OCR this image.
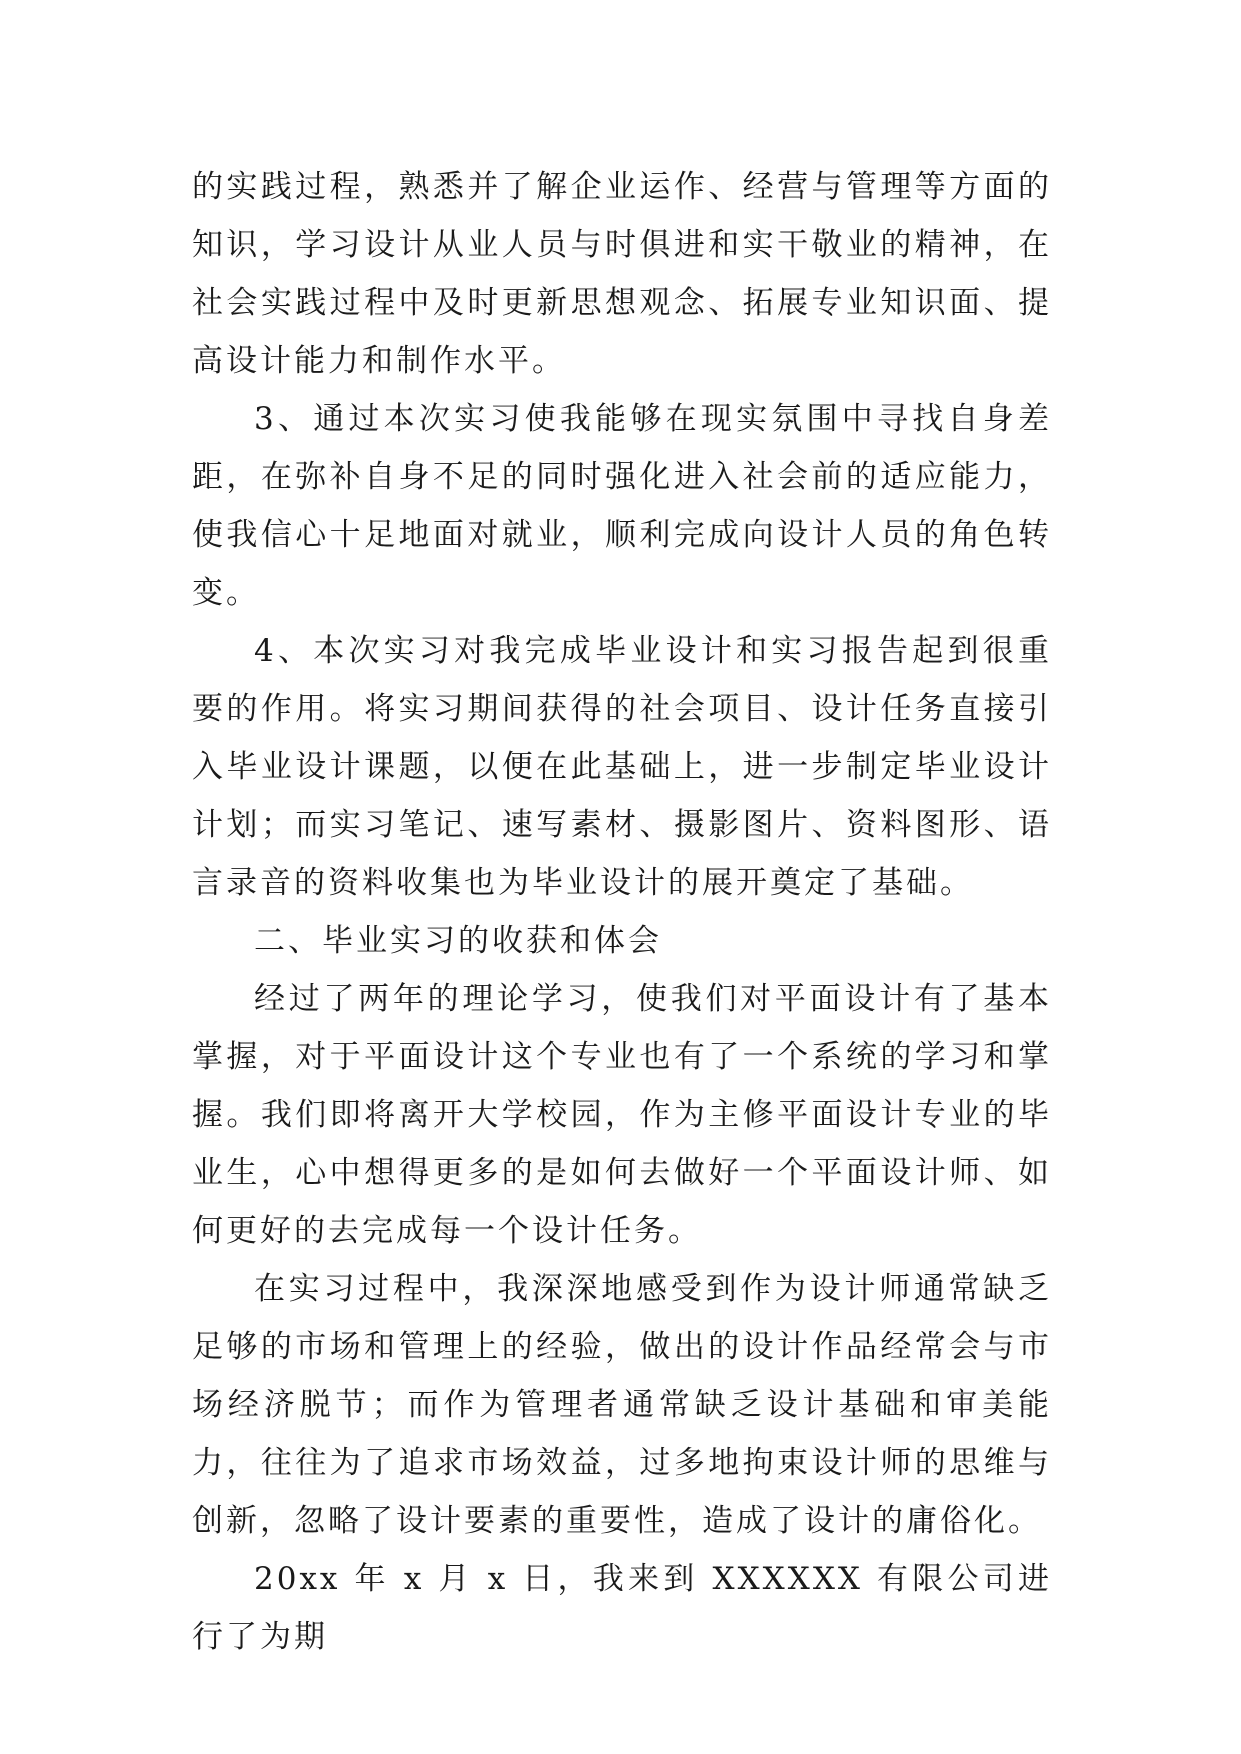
的实践过程，熟悉并了解企业运作、经营与管理等方面的知识，学习设计从业人员与时俱进和实干敬业的精神，在社会实践过程中及时更新思想观念、拓展专业知识面、提高设计能力和制作水平。

3、通过本次实习使我能够在现实氛围中寻找自身差距，在弥补自身不足的同时强化进入社会前的适应能力，使我信心十足地面对就业，顺利完成向设计人员的角色转变。

4、本次实习对我完成毕业设计和实习报告起到很重要的作用。将实习期间获得的社会项目、设计任务直接引入毕业设计课题，以便在此基础上，进一步制定毕业设计计划；而实习笔记、速写素材、摄影图片、资料图形、语言录音的资料收集也为毕业设计的展开奠定了基础。

二、毕业实习的收获和体会

经过了两年的理论学习，使我们对平面设计有了基本掌握，对于平面设计这个专业也有了一个系统的学习和掌握。我们即将离开大学校园，作为主修平面设计专业的毕业生，心中想得更多的是如何去做好一个平面设计师、如何更好的去完成每一个设计任务。

在实习过程中，我深深地感受到作为设计师通常缺乏足够的市场和管理上的经验，做出的设计作品经常会与市场经济脱节；而作为管理者通常缺乏设计基础和审美能力，往往为了追求市场效益，过多地拘束设计师的思维与创新，忽略了设计要素的重要性，造成了设计的庸俗化。

20xx 年 x 月 x 日，我来到 XXXXXX 有限公司进行了为期
